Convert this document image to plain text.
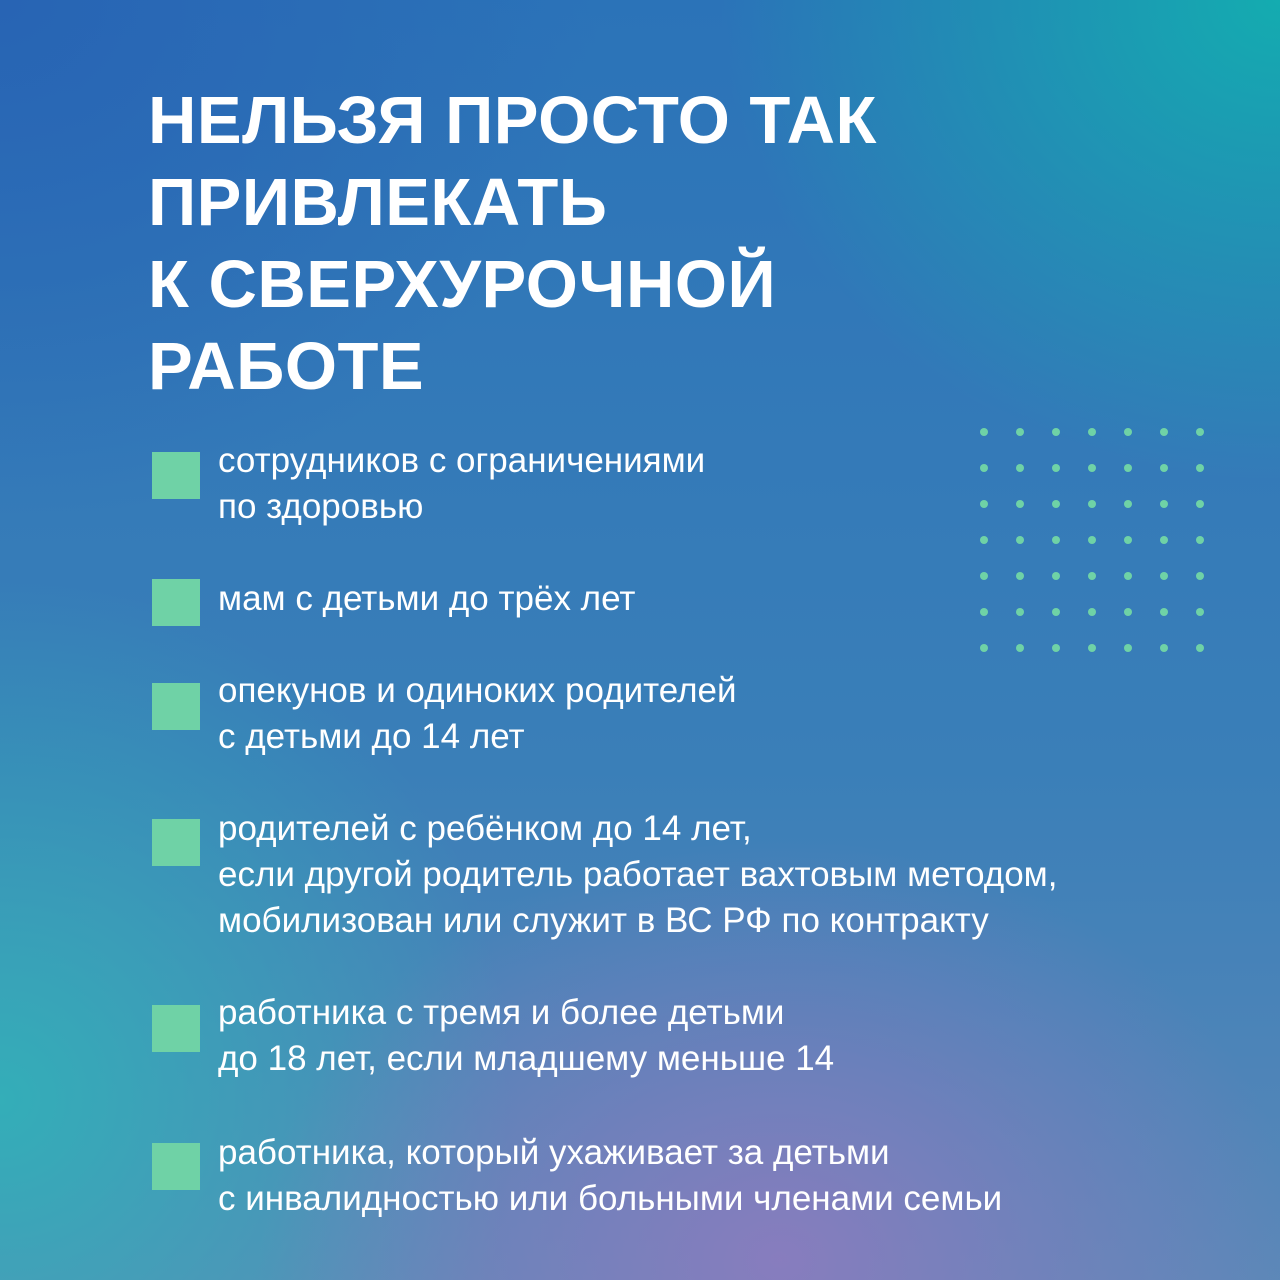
НЕЛЬЗЯ ПРОСТО ТАК
ПРИВЛЕКАТЬ
К СВЕРХУРОЧНОЙ
РАБОТЕ
сотрудников с ограничениями
по здоровью
мам с детьми до трёх лет
опекунов и одиноких родителей
с детьми до 14 лет
родителей с ребёнком до 14 лет,
если другой родитель работает вахтовым методом,
мобилизован или служит в ВС РФ по контракту
работника с тремя и более детьми
до 18 лет, если младшему меньше 14
работника, который ухаживает за детьми
с инвалидностью или больными членами семьи
